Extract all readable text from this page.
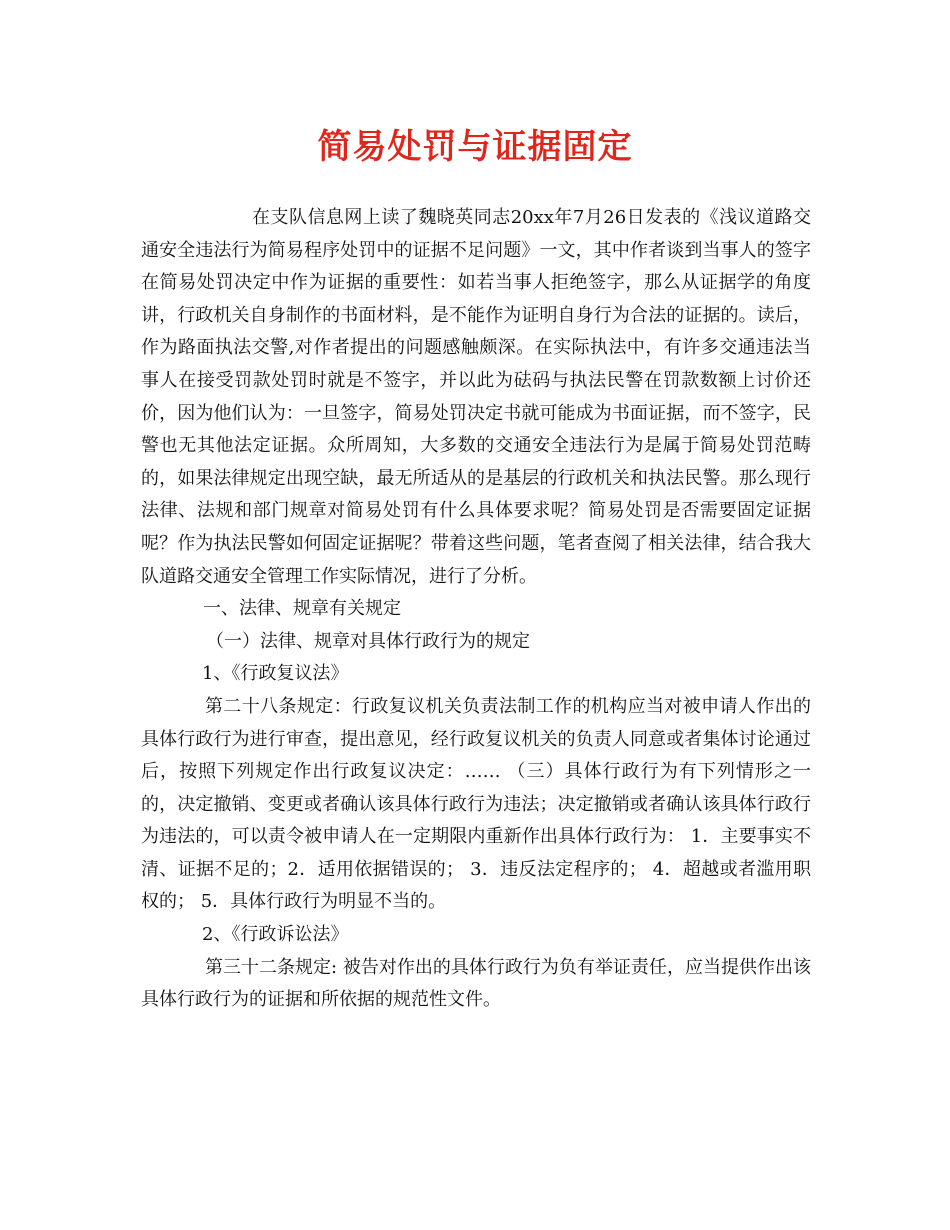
简易处罚与证据固定

在支队信息网上读了魏晓英同志20xx年7月26日发表的《浅议道路交通安全违法行为简易程序处罚中的证据不足问题》一文，其中作者谈到当事人的签字在简易处罚决定中作为证据的重要性：如若当事人拒绝签字，那么从证据学的角度讲，行政机关自身制作的书面材料，是不能作为证明自身行为合法的证据的。读后，作为路面执法交警,对作者提出的问题感触颇深。在实际执法中，有许多交通违法当事人在接受罚款处罚时就是不签字，并以此为砝码与执法民警在罚款数额上讨价还价，因为他们认为：一旦签字，简易处罚决定书就可能成为书面证据，而不签字，民警也无其他法定证据。众所周知，大多数的交通安全违法行为是属于简易处罚范畴的，如果法律规定出现空缺，最无所适从的是基层的行政机关和执法民警。那么现行法律、法规和部门规章对简易处罚有什么具体要求呢？简易处罚是否需要固定证据呢？作为执法民警如何固定证据呢？带着这些问题，笔者查阅了相关法律，结合我大队道路交通安全管理工作实际情况，进行了分析。

一、法律、规章有关规定

（一）法律、规章对具体行政行为的规定

1、《行政复议法》

第二十八条规定：行政复议机关负责法制工作的机构应当对被申请人作出的具体行政行为进行审查，提出意见，经行政复议机关的负责人同意或者集体讨论通过后，按照下列规定作出行政复议决定：…… （三）具体行政行为有下列情形之一的，决定撤销、变更或者确认该具体行政行为违法；决定撤销或者确认该具体行政行为违法的，可以责令被申请人在一定期限内重新作出具体行政行为： 1．主要事实不清、证据不足的；2．适用依据错误的； 3．违反法定程序的； 4．超越或者滥用职权的； 5．具体行政行为明显不当的。

2、《行政诉讼法》

第三十二条规定: 被告对作出的具体行政行为负有举证责任，应当提供作出该具体行政行为的证据和所依据的规范性文件。
